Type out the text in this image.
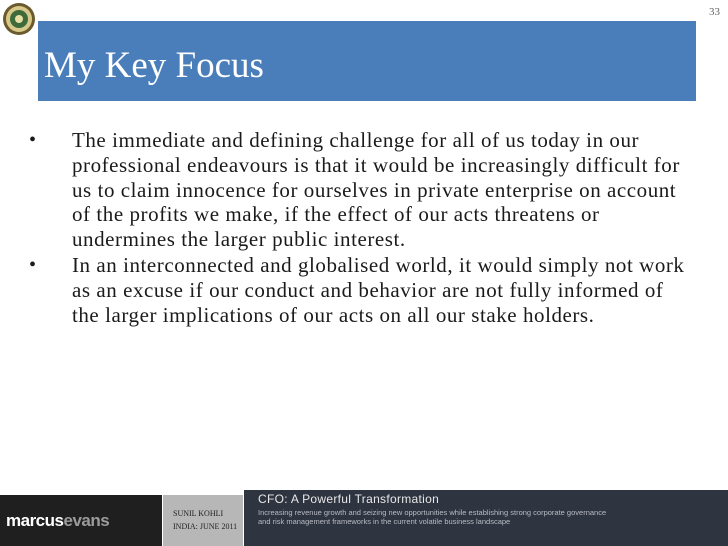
33
My Key Focus
• The immediate and defining challenge for all of us today in our professional endeavours is that it would be increasingly difficult for us to claim innocence for ourselves in private enterprise on account of the profits we make, if the effect of our acts threatens or undermines the larger public interest.
• In an interconnected and globalised world, it would simply not work as an excuse if our conduct and behavior are not fully informed of the larger implications of our acts on all our stake holders.
marcusevans	SUNIL KOHLI
INDIA: JUNE 2011
CFO: A Powerful Transformation
Increasing revenue growth and seizing new opportunities while establishing strong corporate governance
and risk management frameworks in the current volatile business landscape
